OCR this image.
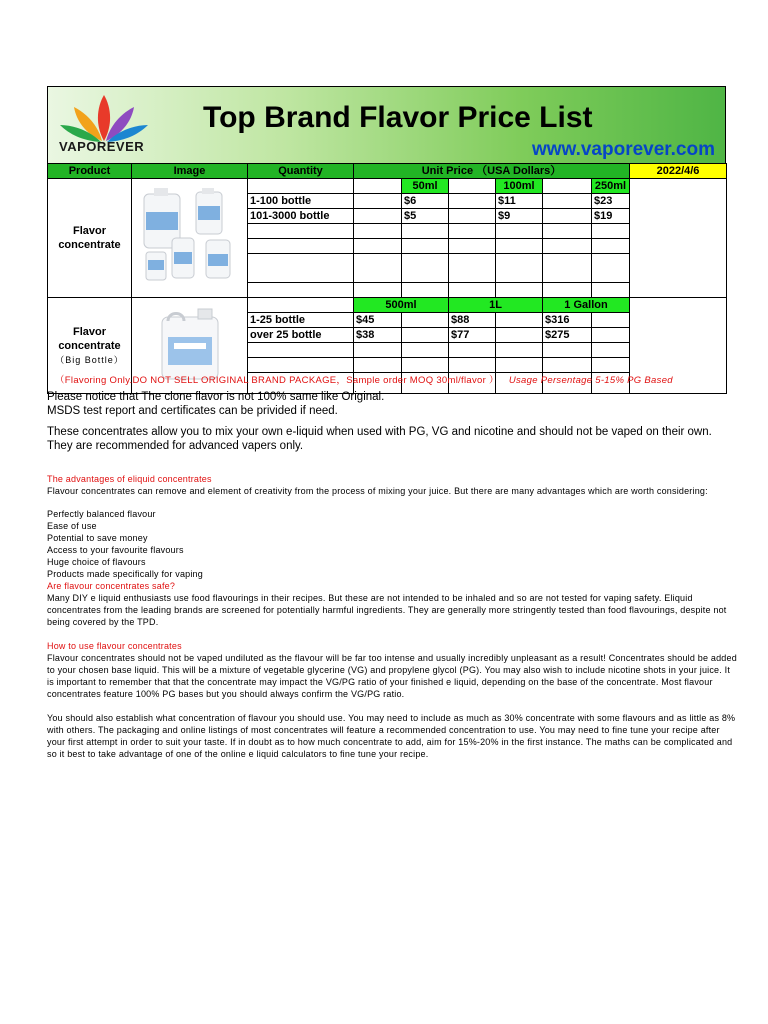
VAPOREVER
Top Brand Flavor Price List
www.vaporever.com
Product	Image	Quantity	Unit Price （USA Dollars）						2022/4/6
Flavor
concentrate				50ml		100ml		250ml	
		1-100 bottle		$6		$11		$23	
		101-3000 bottle		$5		$9		$19	

Flavor
concentrate
（Big Bottle）			500ml		1L		1 Gallon		
		1-25 bottle	$45		$88		$316		
		over 25 bottle	$38		$77		$275		

（Flavoring Only.DO NOT SELL ORIGINAL BRAND PACKAGE，Sample order MOQ 30ml/flavor ） Usage Persentage 5-15% PG Based

Please notice that The clone flavor is not 100% same like Original.

MSDS test report and certificates can be privided if need.

These concentrates allow you to mix your own e-liquid when used with PG, VG and nicotine and should not be vaped on their own. They are recommended for advanced vapers only.

The advantages of eliquid concentrates

Flavour concentrates can remove and element of creativity from the process of mixing your juice. But there are many advantages which are worth considering:

Perfectly balanced flavour

Ease of use

Potential to save money

Access to your favourite flavours

Huge choice of flavours

Products made specifically for vaping

Are flavour concentrates safe?

Many DIY e liquid enthusiasts use food flavourings in their recipes. But these are not intended to be inhaled and so are not tested for vaping safety. Eliquid concentrates from the leading brands are screened for potentially harmful ingredients. They are generally more stringently tested than food flavourings, despite not being covered by the TPD.

How to use flavour concentrates

Flavour concentrates should not be vaped undiluted as the flavour will be far too intense and usually incredibly unpleasant as a result! Concentrates should be added to your chosen base liquid. This will be a mixture of vegetable glycerine (VG) and propylene glycol (PG). You may also wish to include nicotine shots in your juice. It is important to remember that that the concentrate may impact the VG/PG ratio of your finished e liquid, depending on the base of the concentrate. Most flavour concentrates feature 100% PG bases but you should always confirm the VG/PG ratio.

You should also establish what concentration of flavour you should use. You may need to include as much as 30% concentrate with some flavours and as little as 8% with others. The packaging and online listings of most concentrates will feature a recommended concentration to use. You may need to fine tune your recipe after your first attempt in order to suit your taste. If in doubt as to how much concentrate to add, aim for 15%-20% in the first instance. The maths can be complicated and so it best to take advantage of one of the online e liquid calculators to fine tune your recipe.
